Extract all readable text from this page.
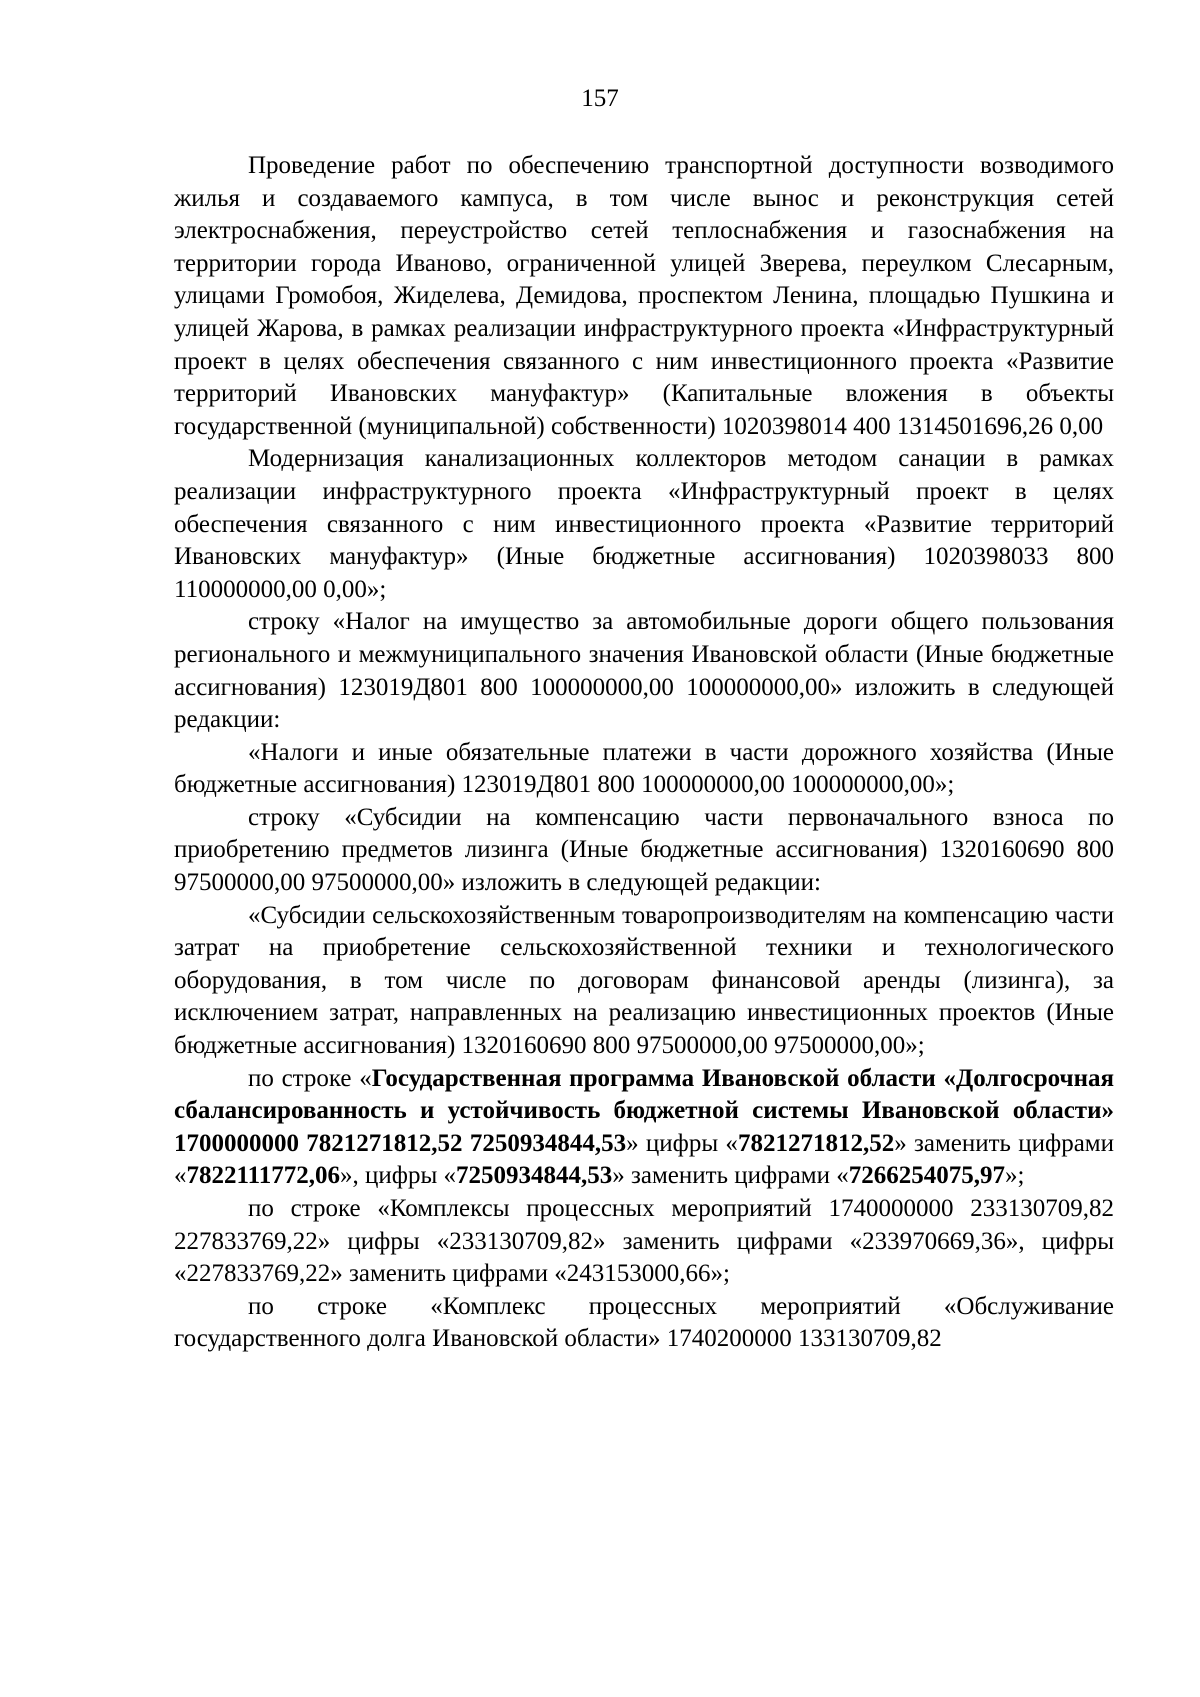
157

Проведение работ по обеспечению транспортной доступности возводимого жилья и создаваемого кампуса, в том числе вынос и реконструкция сетей электроснабжения, переустройство сетей теплоснабжения и газоснабжения на территории города Иваново, ограниченной улицей Зверева, переулком Слесарным, улицами Громобоя, Жиделева, Демидова, проспектом Ленина, площадью Пушкина и улицей Жарова, в рамках реализации инфраструктурного проекта «Инфраструктурный проект в целях обеспечения связанного с ним инвестиционного проекта «Развитие территорий Ивановских мануфактур» (Капитальные вложения в объекты государственной (муниципальной) собственности) 1020398014 400 1314501696,26 0,00

Модернизация канализационных коллекторов методом санации в рамках реализации инфраструктурного проекта «Инфраструктурный проект в целях обеспечения связанного с ним инвестиционного проекта «Развитие территорий Ивановских мануфактур» (Иные бюджетные ассигнования) 1020398033 800 110000000,00 0,00»;

строку «Налог на имущество за автомобильные дороги общего пользования регионального и межмуниципального значения Ивановской области (Иные бюджетные ассигнования) 123019Д801 800 100000000,00 100000000,00» изложить в следующей редакции:

«Налоги и иные обязательные платежи в части дорожного хозяйства (Иные бюджетные ассигнования) 123019Д801 800 100000000,00 100000000,00»;

строку «Субсидии на компенсацию части первоначального взноса по приобретению предметов лизинга (Иные бюджетные ассигнования) 1320160690 800 97500000,00 97500000,00» изложить в следующей редакции:

«Субсидии сельскохозяйственным товаропроизводителям на компенсацию части затрат на приобретение сельскохозяйственной техники и технологического оборудования, в том числе по договорам финансовой аренды (лизинга), за исключением затрат, направленных на реализацию инвестиционных проектов (Иные бюджетные ассигнования) 1320160690 800 97500000,00 97500000,00»;

по строке «Государственная программа Ивановской области «Долгосрочная сбалансированность и устойчивость бюджетной системы Ивановской области» 1700000000 7821271812,52 7250934844,53» цифры «7821271812,52» заменить цифрами «7822111772,06», цифры «7250934844,53» заменить цифрами «7266254075,97»;

по строке «Комплексы процессных мероприятий 1740000000 233130709,82 227833769,22» цифры «233130709,82» заменить цифрами «233970669,36», цифры «227833769,22» заменить цифрами «243153000,66»;

по строке «Комплекс процессных мероприятий «Обслуживание государственного долга Ивановской области» 1740200000 133130709,82
